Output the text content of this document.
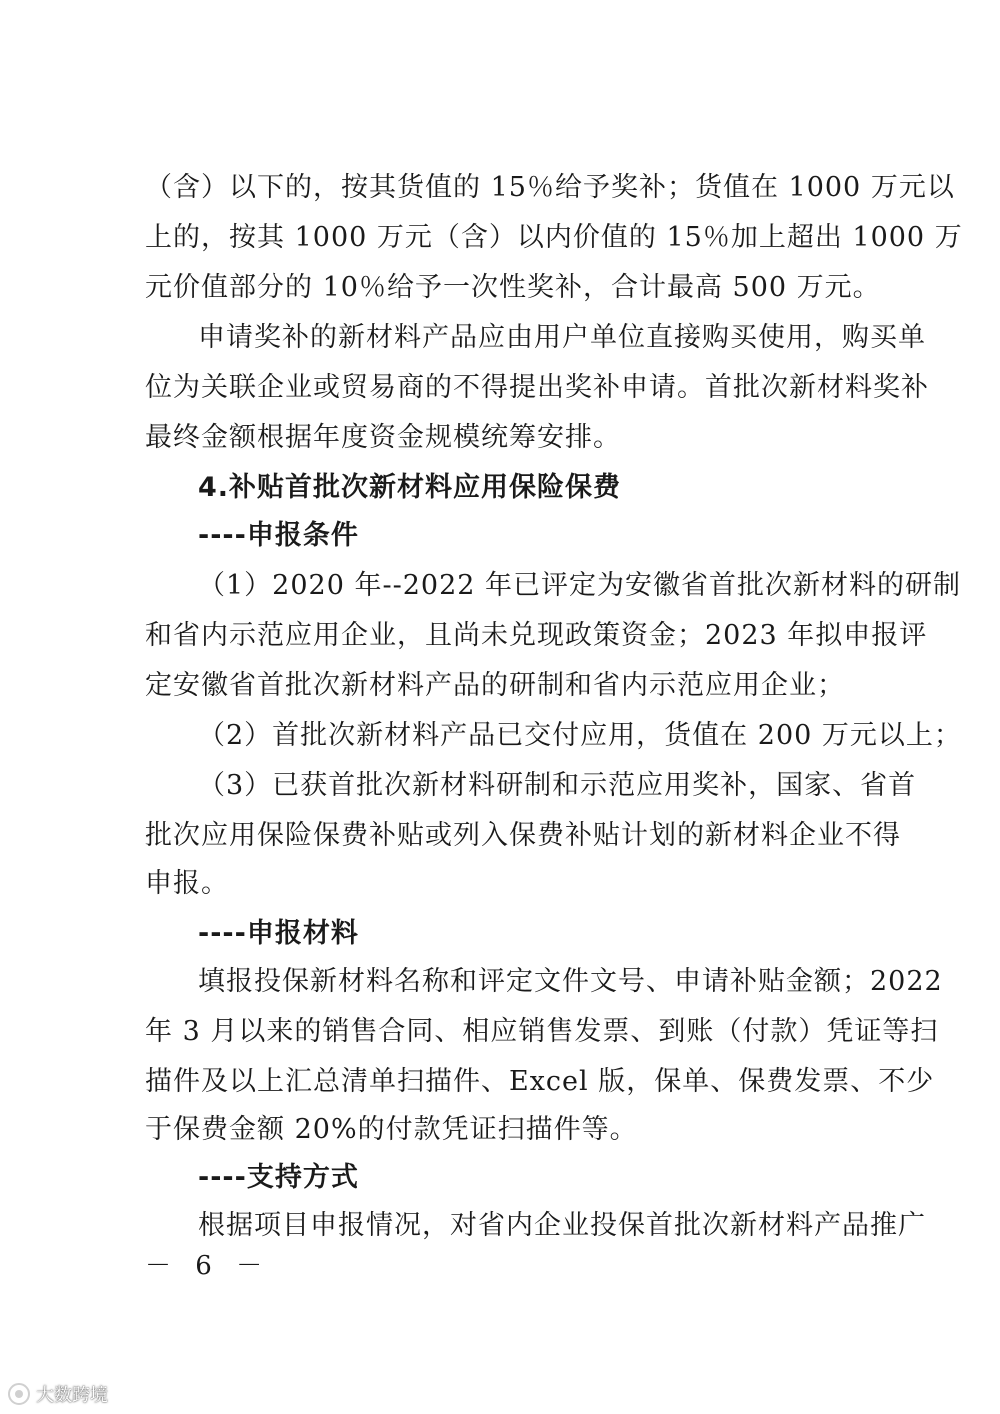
（含）以下的，按其货值的 15％给予奖补；货值在 1000 万元以
上的，按其 1000 万元（含）以内价值的 15％加上超出 1000 万
元价值部分的 10％给予一次性奖补，合计最高 500 万元。
申请奖补的新材料产品应由用户单位直接购买使用，购买单
位为关联企业或贸易商的不得提出奖补申请。首批次新材料奖补
最终金额根据年度资金规模统筹安排。
4.补贴首批次新材料应用保险保费
----申报条件
（1）2020 年--2022 年已评定为安徽省首批次新材料的研制
和省内示范应用企业，且尚未兑现政策资金；2023 年拟申报评
定安徽省首批次新材料产品的研制和省内示范应用企业；
（2）首批次新材料产品已交付应用，货值在 200 万元以上；
（3）已获首批次新材料研制和示范应用奖补，国家、省首
批次应用保险保费补贴或列入保费补贴计划的新材料企业不得
申报。
----申报材料
填报投保新材料名称和评定文件文号、申请补贴金额；2022
年 3 月以来的销售合同、相应销售发票、到账（付款）凭证等扫
描件及以上汇总清单扫描件、Excel 版，保单、保费发票、不少
于保费金额 20%的付款凭证扫描件等。
----支持方式
根据项目申报情况，对省内企业投保首批次新材料产品推广
－ 6 －
大数跨境
